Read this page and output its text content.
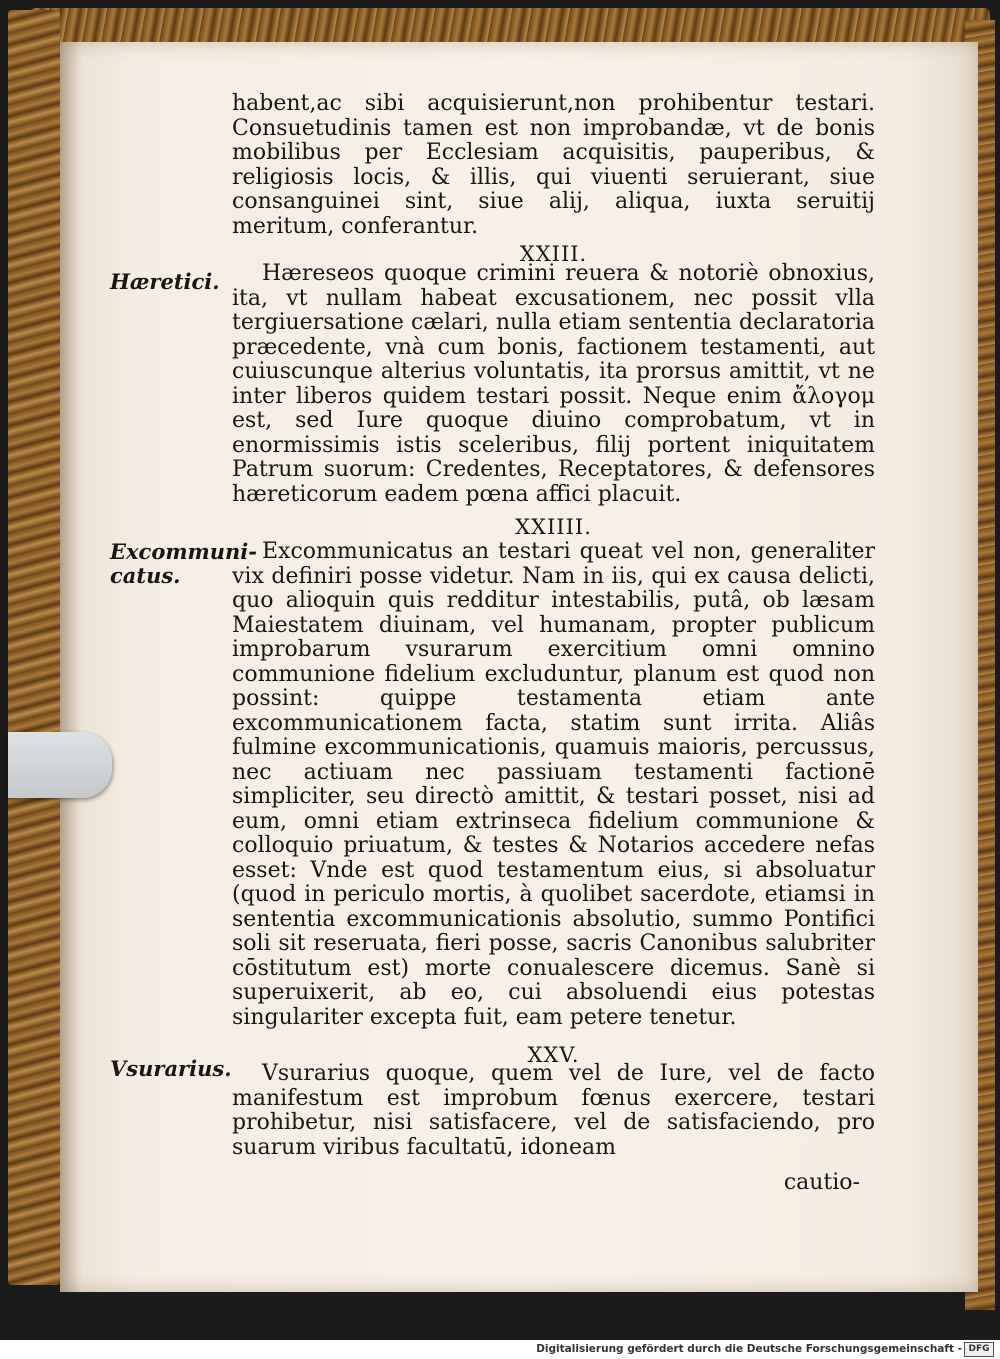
habent,ac sibi acquisierunt,non prohibentur testari. Consuetudinis tamen est non improbandæ, vt de bonis mobilibus per Ecclesiam acquisitis, pauperibus, & religiosis locis, & illis, qui viuenti seruierant, siue consanguinei sint, siue alij, aliqua, iuxta seruitij meritum, conferantur.
XXIII.
Hæretici.	Hæreseos quoque crimini reuera & notoriè obnoxius, ita, vt nullam habeat excusationem, nec possit vlla tergiuersatione cælari, nulla etiam sententia declaratoria præcedente, vnà cum bonis, factionem testamenti, aut cuiuscunque alterius voluntatis, ita prorsus amittit, vt ne inter liberos quidem testari possit. Neque enim ἄλογομ est, sed Iure quoque diuino comprobatum, vt in enormissimis istis sceleribus, filij portent iniquitatem Patrum suorum: Credentes, Receptatores, & defensores hæreticorum eadem pœna affici placuit.
XXIIII.
Excommuni-
catus.
Excommunicatus an testari queat vel non, generaliter vix definiri posse videtur. Nam in iis, qui ex causa delicti, quo alioquin quis redditur intestabilis, putâ, ob læsam Maiestatem diuinam, vel humanam, propter publicum improbarum vsurarum exercitium omni omnino communione fidelium excluduntur, planum est quod non possint: quippe testamenta etiam ante excommunicationem facta, statim sunt irrita. Aliâs fulmine excommunicationis, quamuis maioris, percussus, nec actiuam nec passiuam testamenti factionē simpliciter, seu directò amittit, & testari posset, nisi ad eum, omni etiam extrinseca fidelium communione & colloquio priuatum, & testes & Notarios accedere nefas esset: Vnde est quod testamentum eius, si absoluatur (quod in periculo mortis, à quolibet sacerdote, etiamsi in sententia excommunicationis absolutio, summo Pontifici soli sit reseruata, fieri posse, sacris Canonibus salubriter cōstitutum est) morte conualescere dicemus. Sanè si superuixerit, ab eo, cui absoluendi eius potestas singulariter excepta fuit, eam petere tenetur.
XXV.
Vsurarius.	Vsurarius quoque, quem vel de Iure, vel de facto manifestum est improbum fœnus exercere, testari prohibetur, nisi satisfacere, vel de satisfaciendo, pro suarum viribus facultatū, idoneam
cautio-
Digitalisierung gefördert durch die Deutsche Forschungsgemeinschaft - DFG
